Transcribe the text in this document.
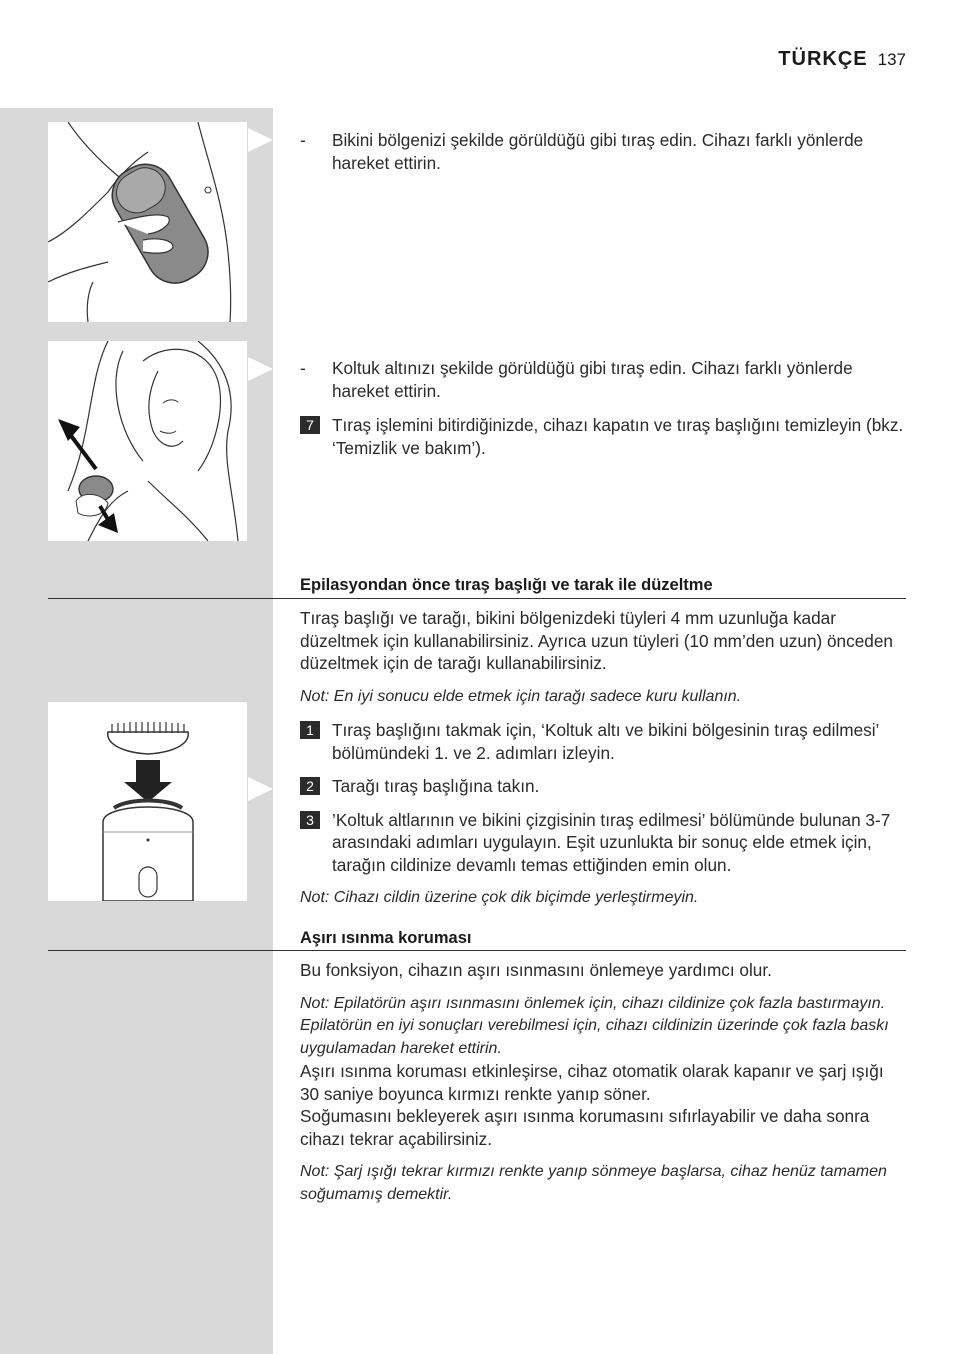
TÜRKÇE 137
-	Bikini bölgenizi şekilde görüldüğü gibi tıraş edin. Cihazı farklı yönlerde hareket ettirin.
-	Koltuk altınızı şekilde görüldüğü gibi tıraş edin. Cihazı farklı yönlerde hareket ettirin.
7	Tıraş işlemini bitirdiğinizde, cihazı kapatın ve tıraş başlığını temizleyin (bkz. ‘Temizlik ve bakım’).
Epilasyondan önce tıraş başlığı ve tarak ile düzeltme

Tıraş başlığı ve tarağı, bikini bölgenizdeki tüyleri 4 mm uzunluğa kadar düzeltmek için kullanabilirsiniz. Ayrıca uzun tüyleri (10 mm’den uzun) önceden düzeltmek için de tarağı kullanabilirsiniz.

Not: En iyi sonucu elde etmek için tarağı sadece kuru kullanın.

1	Tıraş başlığını takmak için, ‘Koltuk altı ve bikini bölgesinin tıraş edilmesi’ bölümündeki 1. ve 2. adımları izleyin.
2	Tarağı tıraş başlığına takın.
3	’Koltuk altlarının ve bikini çizgisinin tıraş edilmesi’ bölümünde bulunan 3-7 arasındaki adımları uygulayın. Eşit uzunlukta bir sonuç elde etmek için, tarağın cildinize devamlı temas ettiğinden emin olun.

Not: Cihazı cildin üzerine çok dik biçimde yerleştirmeyin.

Aşırı ısınma koruması

Bu fonksiyon, cihazın aşırı ısınmasını önlemeye yardımcı olur.

Not: Epilatörün aşırı ısınmasını önlemek için, cihazı cildinize çok fazla bastırmayın. Epilatörün en iyi sonuçları verebilmesi için, cihazı cildinizin üzerinde çok fazla baskı uygulamadan hareket ettirin.

Aşırı ısınma koruması etkinleşirse, cihaz otomatik olarak kapanır ve şarj ışığı 30 saniye boyunca kırmızı renkte yanıp söner.

Soğumasını bekleyerek aşırı ısınma korumasını sıfırlayabilir ve daha sonra cihazı tekrar açabilirsiniz.

Not: Şarj ışığı tekrar kırmızı renkte yanıp sönmeye başlarsa, cihaz henüz tamamen soğumamış demektir.
